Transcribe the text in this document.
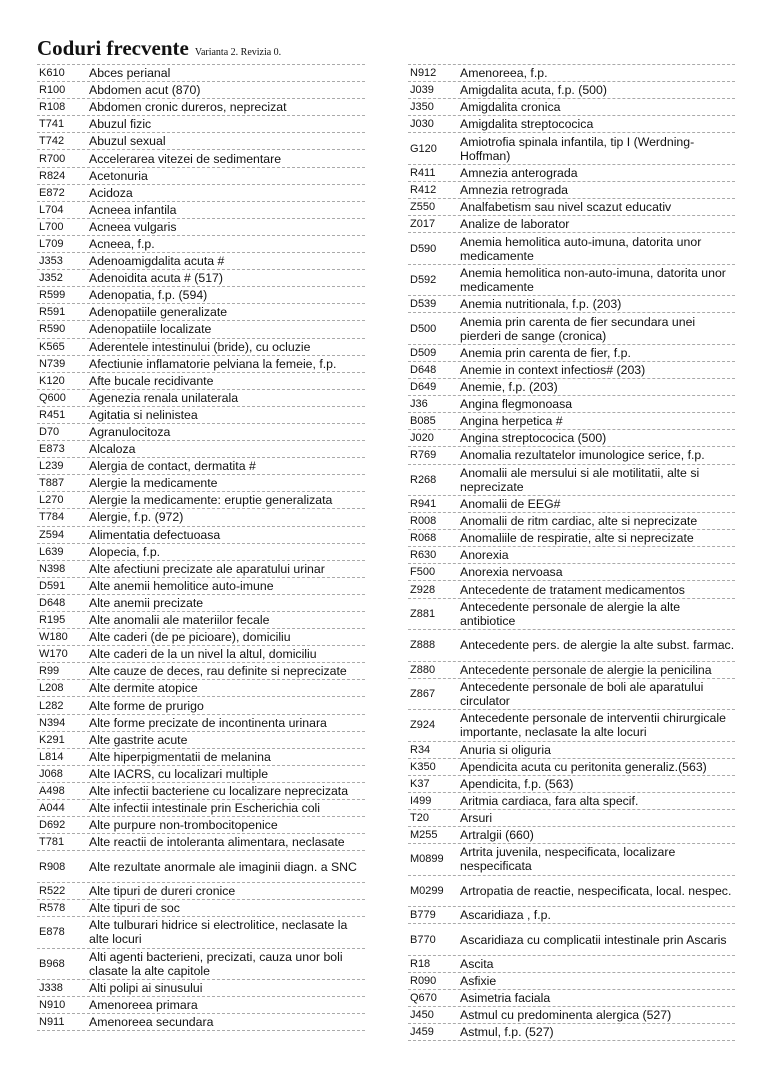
Coduri frecvente Varianta 2. Revizia 0.
K610	Abces perianal
R100	Abdomen acut (870)
R108	Abdomen cronic dureros, neprecizat
T741	Abuzul fizic
T742	Abuzul sexual
R700	Accelerarea vitezei de sedimentare
R824	Acetonuria
E872	Acidoza
L704	Acneea infantila
L700	Acneea vulgaris
L709	Acneea, f.p.
J353	Adenoamigdalita acuta #
J352	Adenoidita acuta # (517)
R599	Adenopatia, f.p. (594)
R591	Adenopatiile generalizate
R590	Adenopatiile localizate
K565	Aderentele intestinului (bride), cu ocluzie
N739	Afectiunie inflamatorie pelviana la femeie, f.p.
K120	Afte bucale recidivante
Q600	Agenezia renala unilaterala
R451	Agitatia si nelinistea
D70	Agranulocitoza
E873	Alcaloza
L239	Alergia de contact, dermatita #
T887	Alergie la medicamente
L270	Alergie la medicamente: eruptie generalizata
T784	Alergie, f.p. (972)
Z594	Alimentatia defectuoasa
L639	Alopecia, f.p.
N398	Alte afectiuni precizate ale aparatului urinar
D591	Alte anemii hemolitice auto-imune
D648	Alte anemii precizate
R195	Alte anomalii ale materiilor fecale
W180	Alte caderi (de pe picioare), domiciliu
W170	Alte caderi de la un nivel la altul, domiciliu
R99	Alte cauze de deces, rau definite si neprecizate
L208	Alte dermite atopice
L282	Alte forme de prurigo
N394	Alte forme precizate de incontinenta urinara
K291	Alte gastrite acute
L814	Alte hiperpigmentatii de melanina
J068	Alte IACRS, cu localizari multiple
A498	Alte infectii bacteriene cu localizare neprecizata
A044	Alte infectii intestinale prin Escherichia coli
D692	Alte purpure non-trombocitopenice
T781	Alte reactii de intoleranta alimentara, neclasate
R908	Alte rezultate anormale ale imaginii diagn. a SNC
R522	Alte tipuri de dureri cronice
R578	Alte tipuri de soc
E878	Alte tulburari hidrice si electrolitice, neclasate la alte locuri
B968	Alti agenti bacterieni, precizati, cauza unor boli clasate la alte capitole
J338	Alti polipi ai sinusului
N910	Amenoreea primara
N911	Amenoreea secundara
N912	Amenoreea, f.p.
J039	Amigdalita acuta, f.p. (500)
J350	Amigdalita cronica
J030	Amigdalita streptococica
G120	Amiotrofia spinala infantila, tip I (Werdning-Hoffman)
R411	Amnezia anterograda
R412	Amnezia retrograda
Z550	Analfabetism sau nivel scazut educativ
Z017	Analize de laborator
D590	Anemia hemolitica auto-imuna, datorita unor medicamente
D592	Anemia hemolitica non-auto-imuna, datorita unor medicamente
D539	Anemia nutritionala, f.p. (203)
D500	Anemia prin carenta de fier secundara unei pierderi de sange (cronica)
D509	Anemia prin carenta de fier, f.p.
D648	Anemie in context infectios# (203)
D649	Anemie, f.p. (203)
J36	Angina flegmonoasa
B085	Angina herpetica #
J020	Angina streptococica (500)
R769	Anomalia rezultatelor imunologice serice, f.p.
R268	Anomalii ale mersului si ale motilitatii, alte si neprecizate
R941	Anomalii de EEG#
R008	Anomalii de ritm cardiac, alte si neprecizate
R068	Anomaliile de respiratie, alte si neprecizate
R630	Anorexia
F500	Anorexia nervoasa
Z928	Antecedente de tratament medicamentos
Z881	Antecedente personale de alergie la alte antibiotice
Z888	Antecedente pers. de alergie la alte subst. farmac.
Z880	Antecedente personale de alergie la penicilina
Z867	Antecedente personale de boli ale aparatului circulator
Z924	Antecedente personale de interventii chirurgicale importante, neclasate la alte locuri
R34	Anuria si oliguria
K350	Apendicita acuta cu peritonita generaliz.(563)
K37	Apendicita, f.p. (563)
I499	Aritmia cardiaca, fara alta specif.
T20	Arsuri
M255	Artralgii (660)
M0899	Artrita juvenila, nespecificata, localizare nespecificata
M0299	Artropatia de reactie, nespecificata, local. nespec.
B779	Ascaridiaza , f.p.
B770	Ascaridiaza cu complicatii intestinale prin Ascaris
R18	Ascita
R090	Asfixie
Q670	Asimetria faciala
J450	Astmul cu predominenta alergica (527)
J459	Astmul, f.p. (527)
